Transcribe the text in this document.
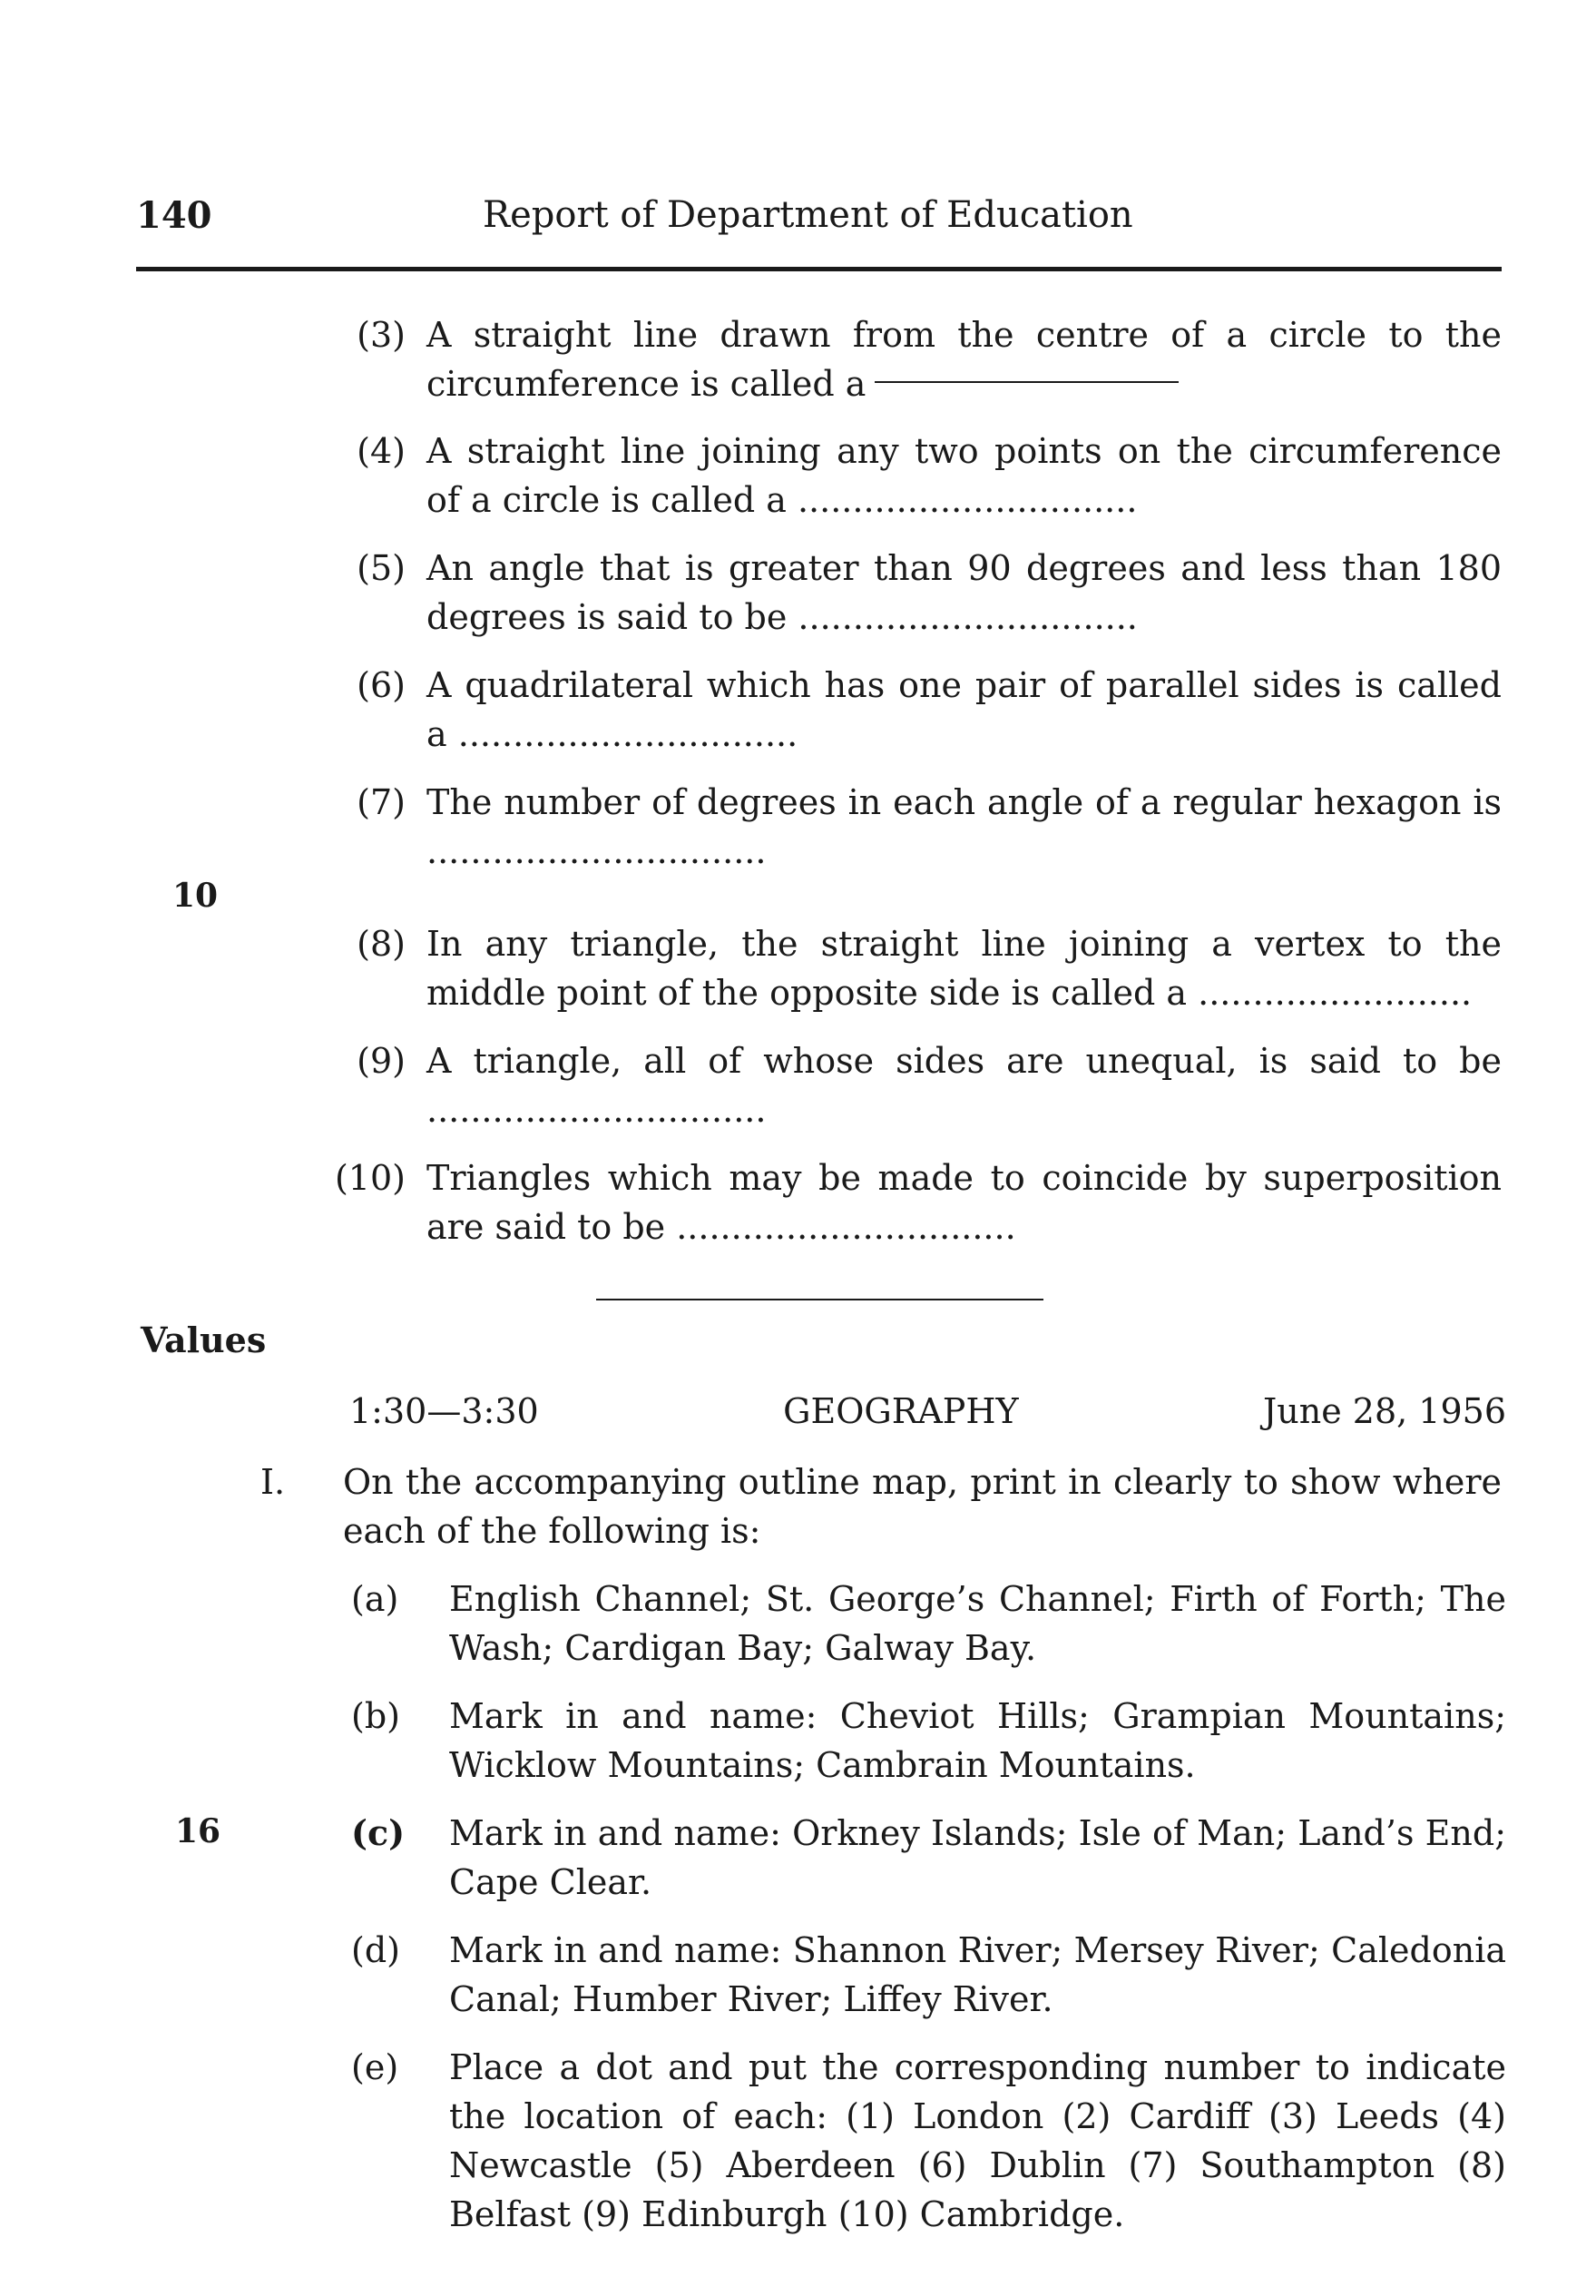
140	Report of Department of Education
(3) A straight line drawn from the centre of a circle to the circumference is called a
(4) A straight line joining any two points on the circumference of a circle is called a ...............................
(5) An angle that is greater than 90 degrees and less than 180 degrees is said to be ...............................
(6) A quadrilateral which has one pair of parallel sides is called a ...............................
(7) The number of degrees in each angle of a regular hexagon is ...............................
10
(8) In any triangle, the straight line joining a vertex to the middle point of the opposite side is called a .........................
(9) A triangle, all of whose sides are unequal, is said to be ...............................
(10) Triangles which may be made to coincide by superposition are said to be ...............................
Values
1:30—3:30	GEOGRAPHY	June 28, 1956
I. On the accompanying outline map, print in clearly to show where each of the following is:
(a) English Channel; St. George’s Channel; Firth of Forth; The Wash; Cardigan Bay; Galway Bay.
(b) Mark in and name: Cheviot Hills; Grampian Mountains; Wicklow Mountains; Cambrain Mountains.
16	(c) Mark in and name: Orkney Islands; Isle of Man; Land’s End; Cape Clear.
(d) Mark in and name: Shannon River; Mersey River; Caledonia Canal; Humber River; Liffey River.
(e) Place a dot and put the corresponding number to indicate the location of each: (1) London (2) Cardiff (3) Leeds (4) Newcastle (5) Aberdeen (6) Dublin (7) Southampton (8) Belfast (9) Edinburgh (10) Cambridge.
